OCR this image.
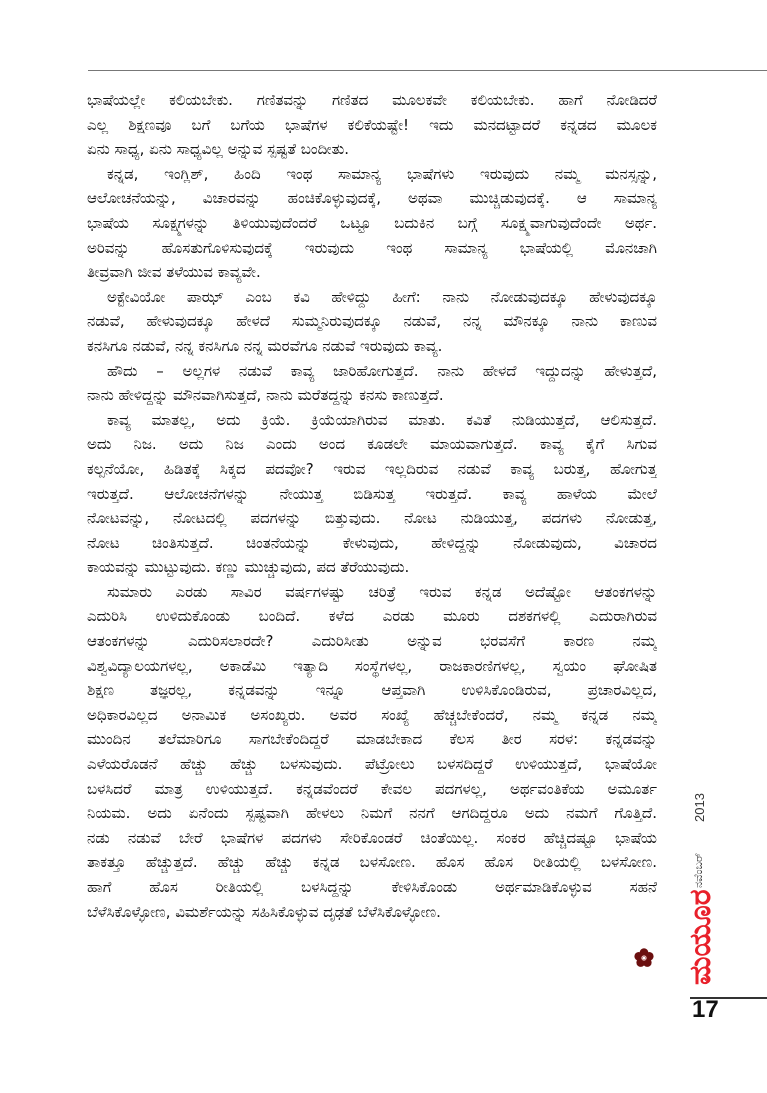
ಭಾಷೆಯಲ್ಲೇ ಕಲಿಯಬೇಕು. ಗಣಿತವನ್ನು ಗಣಿತದ ಮೂಲಕವೇ ಕಲಿಯಬೇಕು. ಹಾಗೆ ನೋಡಿದರೆ
ಎಲ್ಲ ಶಿಕ್ಷಣವೂ ಬಗೆ ಬಗೆಯ ಭಾಷೆಗಳ ಕಲಿಕೆಯಷ್ಟೇ! ಇದು ಮನದಟ್ಟಾದರೆ ಕನ್ನಡದ ಮೂಲಕ
ಏನು ಸಾಧ್ಯ, ಏನು ಸಾಧ್ಯವಿಲ್ಲ ಅನ್ನುವ ಸ್ಪಷ್ಟತೆ ಬಂದೀತು.
ಕನ್ನಡ, ಇಂಗ್ಲಿಶ್, ಹಿಂದಿ ಇಂಥ ಸಾಮಾನ್ಯ ಭಾಷೆಗಳು ಇರುವುದು ನಮ್ಮ ಮನಸ್ಸನ್ನು,
ಆಲೋಚನೆಯನ್ನು, ವಿಚಾರವನ್ನು ಹಂಚಿಕೊಳ್ಳುವುದಕ್ಕೆ, ಅಥವಾ ಮುಚ್ಚಿಡುವುದಕ್ಕೆ. ಆ ಸಾಮಾನ್ಯ
ಭಾಷೆಯ ಸೂಕ್ಷ್ಮಗಳನ್ನು ತಿಳಿಯುವುದೆಂದರೆ ಒಟ್ಟೂ ಬದುಕಿನ ಬಗ್ಗೆ ಸೂಕ್ಷ್ಮವಾಗುವುದೆಂದೇ ಅರ್ಥ.
ಅರಿವನ್ನು ಹೊಸತುಗೊಳಿಸುವುದಕ್ಕೆ ಇರುವುದು ಇಂಥ ಸಾಮಾನ್ಯ ಭಾಷೆಯಲ್ಲಿ ಮೊನಚಾಗಿ
ತೀವ್ರವಾಗಿ ಜೀವ ತಳೆಯುವ ಕಾವ್ಯವೇ.
ಅಕ್ಟೇವಿಯೋ ಪಾಝ್ ಎಂಬ ಕವಿ ಹೇಳಿದ್ದು ಹೀಗೆ: ನಾನು ನೋಡುವುದಕ್ಕೂ ಹೇಳುವುದಕ್ಕೂ
ನಡುವೆ, ಹೇಳುವುದಕ್ಕೂ ಹೇಳದೆ ಸುಮ್ಮನಿರುವುದಕ್ಕೂ ನಡುವೆ, ನನ್ನ ಮೌನಕ್ಕೂ ನಾನು ಕಾಣುವ
ಕನಸಿಗೂ ನಡುವೆ, ನನ್ನ ಕನಸಿಗೂ ನನ್ನ ಮರವೆಗೂ ನಡುವೆ ಇರುವುದು ಕಾವ್ಯ.
ಹೌದು – ಅಲ್ಲಗಳ ನಡುವೆ ಕಾವ್ಯ ಜಾರಿಹೋಗುತ್ತದೆ. ನಾನು ಹೇಳದೆ ಇದ್ದುದನ್ನು ಹೇಳುತ್ತದೆ,
ನಾನು ಹೇಳಿದ್ದನ್ನು ಮೌನವಾಗಿಸುತ್ತದೆ, ನಾನು ಮರೆತದ್ದನ್ನು ಕನಸು ಕಾಣುತ್ತದೆ.
ಕಾವ್ಯ ಮಾತಲ್ಲ, ಅದು ಕ್ರಿಯೆ. ಕ್ರಿಯೆಯಾಗಿರುವ ಮಾತು. ಕವಿತೆ ನುಡಿಯುತ್ತದೆ, ಆಲಿಸುತ್ತದೆ.
ಅದು ನಿಜ. ಅದು ನಿಜ ಎಂದು ಅಂದ ಕೂಡಲೇ ಮಾಯವಾಗುತ್ತದೆ. ಕಾವ್ಯ ಕೈಗೆ ಸಿಗುವ
ಕಲ್ಪನೆಯೋ, ಹಿಡಿತಕ್ಕೆ ಸಿಕ್ಕದ ಪದವೋ? ಇರುವ ಇಲ್ಲದಿರುವ ನಡುವೆ ಕಾವ್ಯ ಬರುತ್ತ, ಹೋಗುತ್ತ
ಇರುತ್ತದೆ. ಆಲೋಚನೆಗಳನ್ನು ನೇಯುತ್ತ ಬಿಡಿಸುತ್ತ ಇರುತ್ತದೆ. ಕಾವ್ಯ ಹಾಳೆಯ ಮೇಲೆ
ನೋಟವನ್ನು, ನೋಟದಲ್ಲಿ ಪದಗಳನ್ನು ಬಿತ್ತುವುದು. ನೋಟ ನುಡಿಯುತ್ತ, ಪದಗಳು ನೋಡುತ್ತ,
ನೋಟ ಚಿಂತಿಸುತ್ತದೆ. ಚಿಂತನೆಯನ್ನು ಕೇಳುವುದು, ಹೇಳಿದ್ದನ್ನು ನೋಡುವುದು, ವಿಚಾರದ
ಕಾಯವನ್ನು ಮುಟ್ಟುವುದು. ಕಣ್ಣು ಮುಚ್ಚುವುದು, ಪದ ತೆರೆಯುವುದು.
ಸುಮಾರು ಎರಡು ಸಾವಿರ ವರ್ಷಗಳಷ್ಟು ಚರಿತ್ರೆ ಇರುವ ಕನ್ನಡ ಅದೆಷ್ಟೋ ಆತಂಕಗಳನ್ನು
ಎದುರಿಸಿ ಉಳಿದುಕೊಂಡು ಬಂದಿದೆ. ಕಳೆದ ಎರಡು ಮೂರು ದಶಕಗಳಲ್ಲಿ ಎದುರಾಗಿರುವ
ಆತಂಕಗಳನ್ನು ಎದುರಿಸಲಾರದೇ? ಎದುರಿಸೀತು ಅನ್ನುವ ಭರವಸೆಗೆ ಕಾರಣ ನಮ್ಮ
ವಿಶ್ವವಿದ್ಯಾಲಯಗಳಲ್ಲ, ಅಕಾಡೆಮಿ ಇತ್ಯಾದಿ ಸಂಸ್ಥೆಗಳಲ್ಲ, ರಾಜಕಾರಣಿಗಳಲ್ಲ, ಸ್ವಯಂ ಘೋಷಿತ
ಶಿಕ್ಷಣ ತಜ್ಞರಲ್ಲ, ಕನ್ನಡವನ್ನು ಇನ್ನೂ ಆಪ್ತವಾಗಿ ಉಳಿಸಿಕೊಂಡಿರುವ, ಪ್ರಚಾರವಿಲ್ಲದ,
ಅಧಿಕಾರವಿಲ್ಲದ ಅನಾಮಿಕ ಅಸಂಖ್ಯರು. ಅವರ ಸಂಖ್ಯೆ ಹೆಚ್ಚಬೇಕೆಂದರೆ, ನಮ್ಮ ಕನ್ನಡ ನಮ್ಮ
ಮುಂದಿನ ತಲೆಮಾರಿಗೂ ಸಾಗಬೇಕೆಂದಿದ್ದರೆ ಮಾಡಬೇಕಾದ ಕೆಲಸ ತೀರ ಸರಳ: ಕನ್ನಡವನ್ನು
ಎಳೆಯರೊಡನೆ ಹೆಚ್ಚು ಹೆಚ್ಚು ಬಳಸುವುದು. ಪೆಟ್ರೋಲು ಬಳಸದಿದ್ದರೆ ಉಳಿಯುತ್ತದೆ, ಭಾಷೆಯೋ
ಬಳಸಿದರೆ ಮಾತ್ರ ಉಳಿಯುತ್ತದೆ. ಕನ್ನಡವೆಂದರೆ ಕೇವಲ ಪದಗಳಲ್ಲ, ಅರ್ಥವಂತಿಕೆಯ ಅಮೂರ್ತ
ನಿಯಮ. ಅದು ಏನೆಂದು ಸ್ಪಷ್ಟವಾಗಿ ಹೇಳಲು ನಿಮಗೆ ನನಗೆ ಆಗದಿದ್ದರೂ ಅದು ನಮಗೆ ಗೊತ್ತಿದೆ.
ನಡು ನಡುವೆ ಬೇರೆ ಭಾಷೆಗಳ ಪದಗಳು ಸೇರಿಕೊಂಡರೆ ಚಿಂತೆಯಿಲ್ಲ. ಸಂಕರ ಹೆಚ್ಚಿದಷ್ಟೂ ಭಾಷೆಯ
ತಾಕತ್ತೂ ಹೆಚ್ಚುತ್ತದೆ. ಹೆಚ್ಚು ಹೆಚ್ಚು ಕನ್ನಡ ಬಳಸೋಣ. ಹೊಸ ಹೊಸ ರೀತಿಯಲ್ಲಿ ಬಳಸೋಣ.
ಹಾಗೆ ಹೊಸ ರೀತಿಯಲ್ಲಿ ಬಳಸಿದ್ದನ್ನು ಕೇಳಿಸಿಕೊಂಡು ಅರ್ಥಮಾಡಿಕೊಳ್ಳುವ ಸಹನೆ
ಬೆಳೆಸಿಕೊಳ್ಳೋಣ, ವಿಮರ್ಶೆಯನ್ನು ಸಹಿಸಿಕೊಳ್ಳುವ ದೃಢತೆ ಬೆಳೆಸಿಕೊಳ್ಳೋಣ.
2013
ನವೆಂಬರ್
ಮಯೂರ
17
